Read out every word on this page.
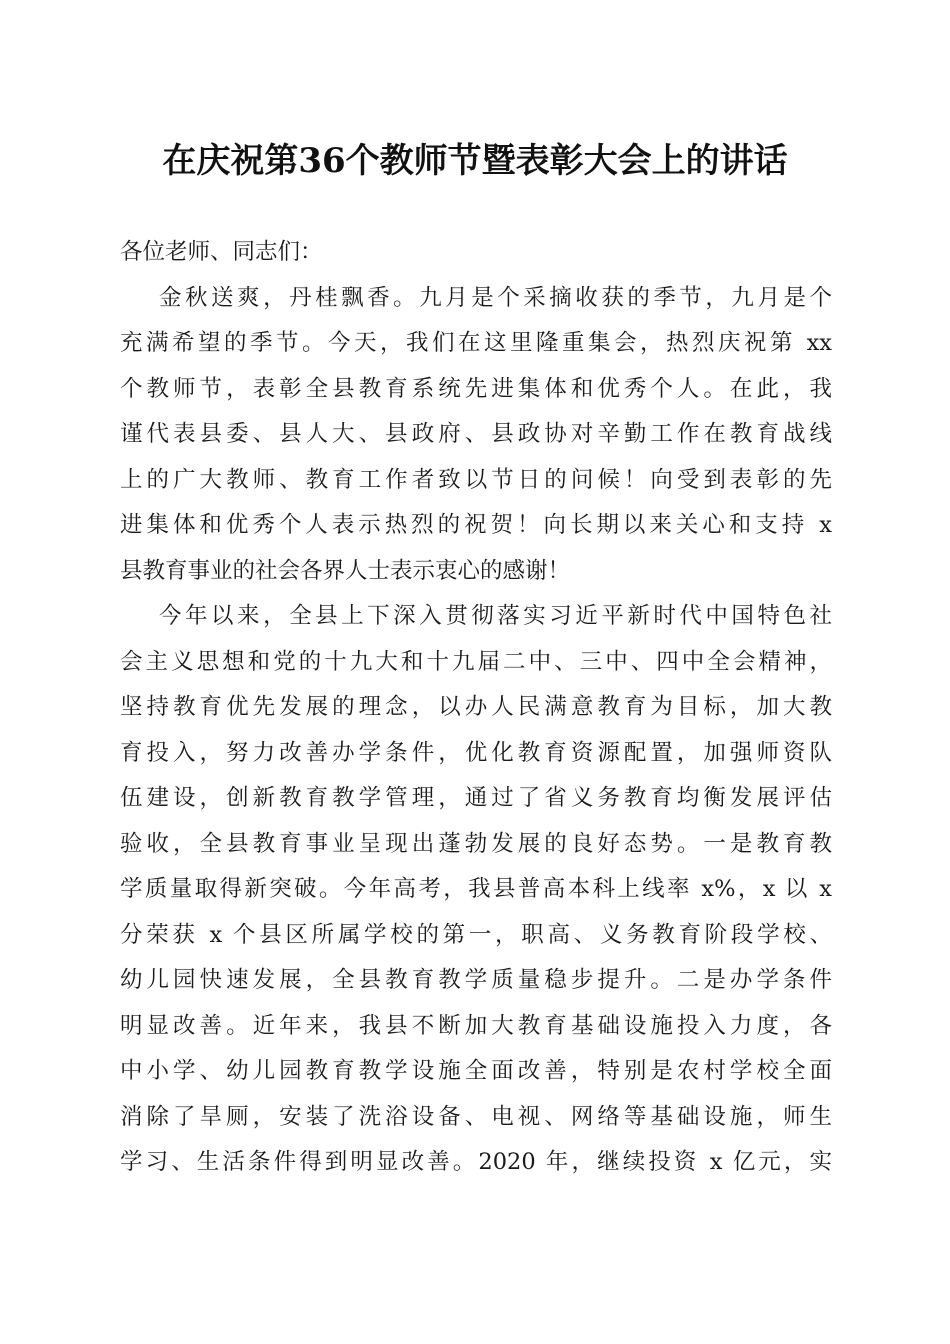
在庆祝第36个教师节暨表彰大会上的讲话
各位老师、同志们：
金秋送爽，丹桂飘香。九月是个采摘收获的季节，九月是个
充满希望的季节。今天，我们在这里隆重集会，热烈庆祝第 xx
个教师节，表彰全县教育系统先进集体和优秀个人。在此，我
谨代表县委、县人大、县政府、县政协对辛勤工作在教育战线
上的广大教师、教育工作者致以节日的问候！向受到表彰的先
进集体和优秀个人表示热烈的祝贺！向长期以来关心和支持 x
县教育事业的社会各界人士表示衷心的感谢！
今年以来，全县上下深入贯彻落实习近平新时代中国特色社
会主义思想和党的十九大和十九届二中、三中、四中全会精神，
坚持教育优先发展的理念，以办人民满意教育为目标，加大教
育投入，努力改善办学条件，优化教育资源配置，加强师资队
伍建设，创新教育教学管理，通过了省义务教育均衡发展评估
验收，全县教育事业呈现出蓬勃发展的良好态势。一是教育教
学质量取得新突破。今年高考，我县普高本科上线率 x%，x 以 x
分荣获 x 个县区所属学校的第一，职高、义务教育阶段学校、
幼儿园快速发展，全县教育教学质量稳步提升。二是办学条件
明显改善。近年来，我县不断加大教育基础设施投入力度，各
中小学、幼儿园教育教学设施全面改善，特别是农村学校全面
消除了旱厕，安装了洗浴设备、电视、网络等基础设施，师生
学习、生活条件得到明显改善。2020 年，继续投资 x 亿元，实
